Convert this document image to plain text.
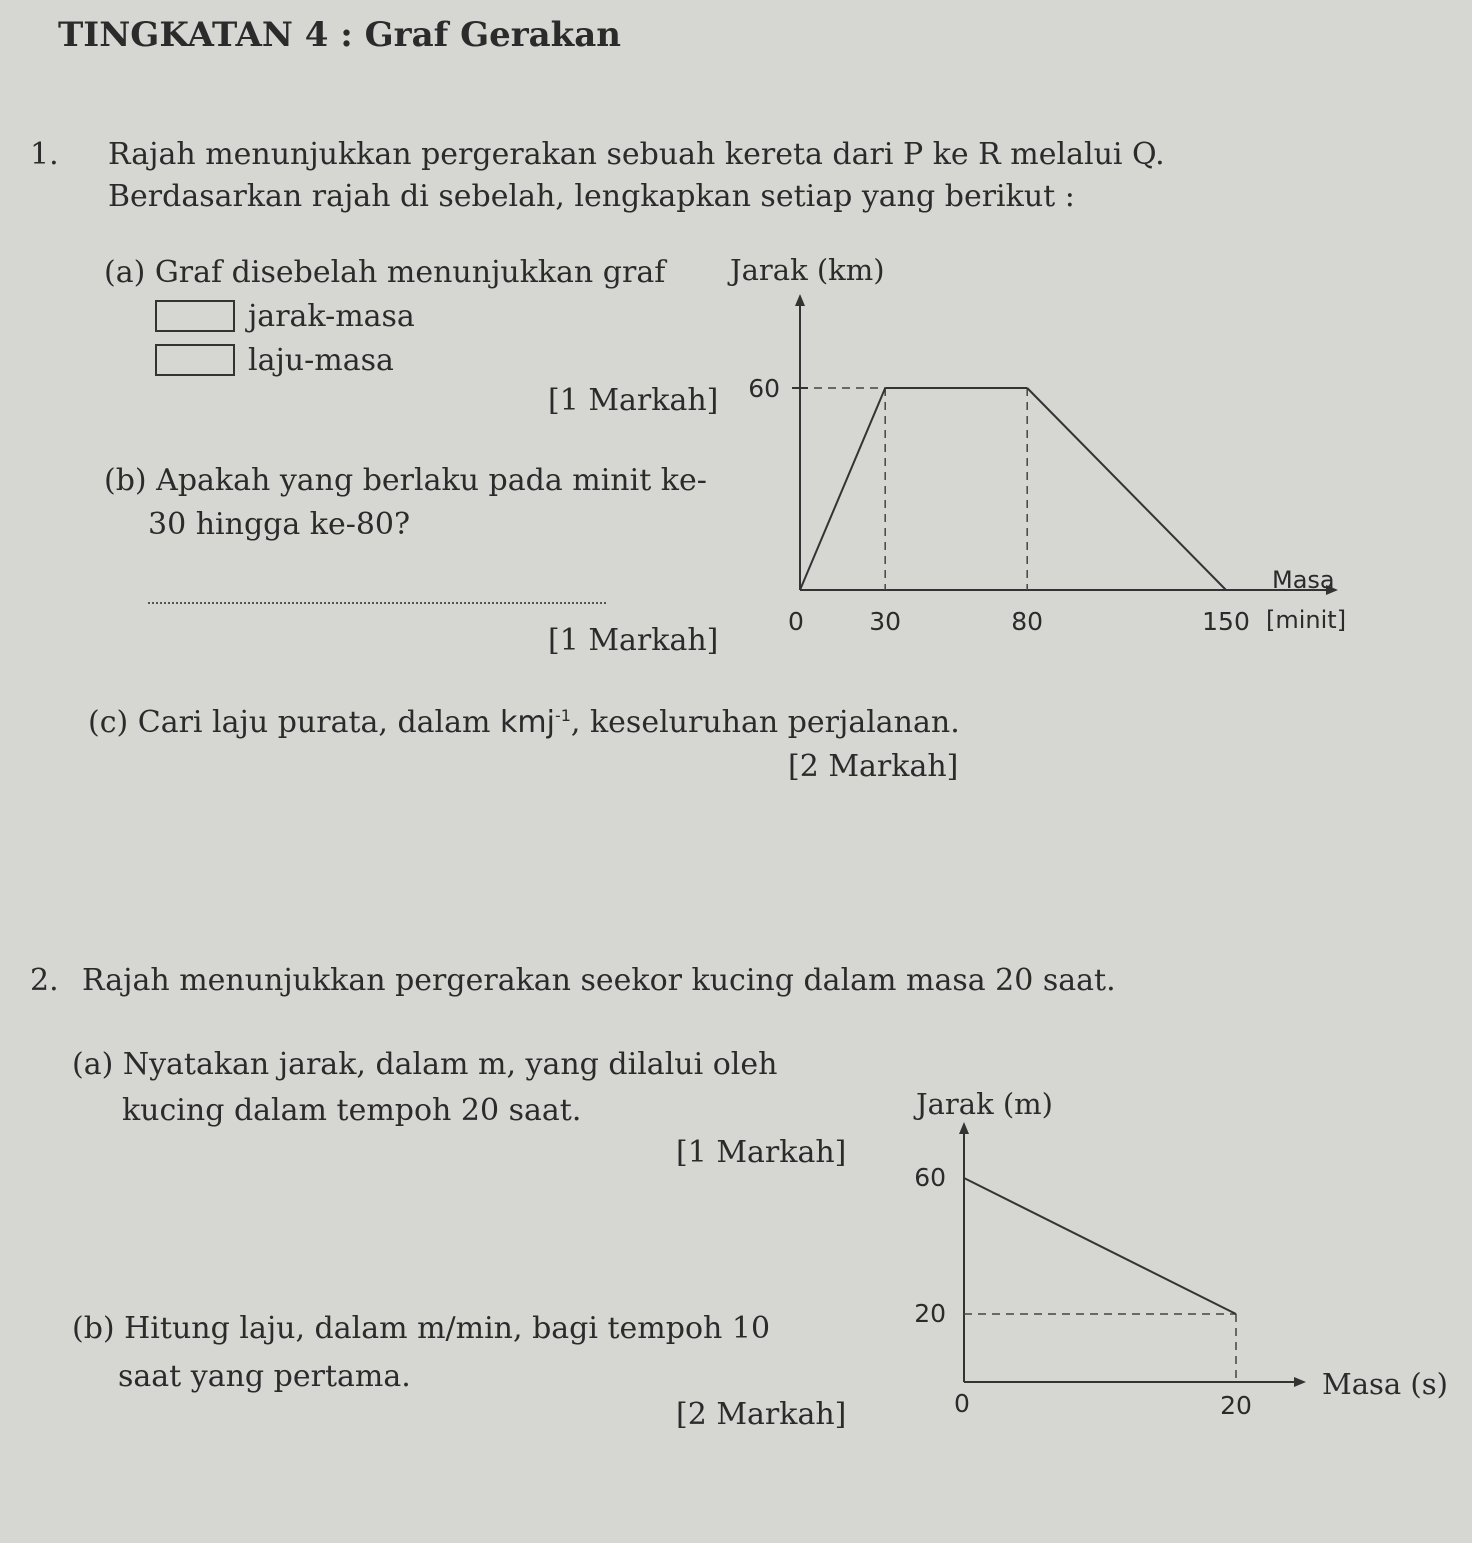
TINGKATAN 4 : Graf Gerakan
1. Rajah menunjukkan pergerakan sebuah kereta dari P ke R melalui Q.
Berdasarkan rajah di sebelah, lengkapkan setiap yang berikut :
(a) Graf disebelah menunjukkan graf
jarak-masa
laju-masa
[1 Markah]
(b) Apakah yang berlaku pada minit ke-
30 hingga ke-80?
[1 Markah]
(c) Cari laju purata, dalam kmj$^{-1}$, keseluruhan perjalanan.
[2 Markah]
2. Rajah menunjukkan pergerakan seekor kucing dalam masa 20 saat.
(a) Nyatakan jarak, dalam m, yang dilalui oleh
kucing dalam tempoh 20 saat.
[1 Markah]
(b) Hitung laju, dalam m/min, bagi tempoh 10
saat yang pertama.
[2 Markah]
Jarak (km)
60
0	30	80	150
Masa
[minit]
Jarak (m)
60
20
0	20
Masa (s)
